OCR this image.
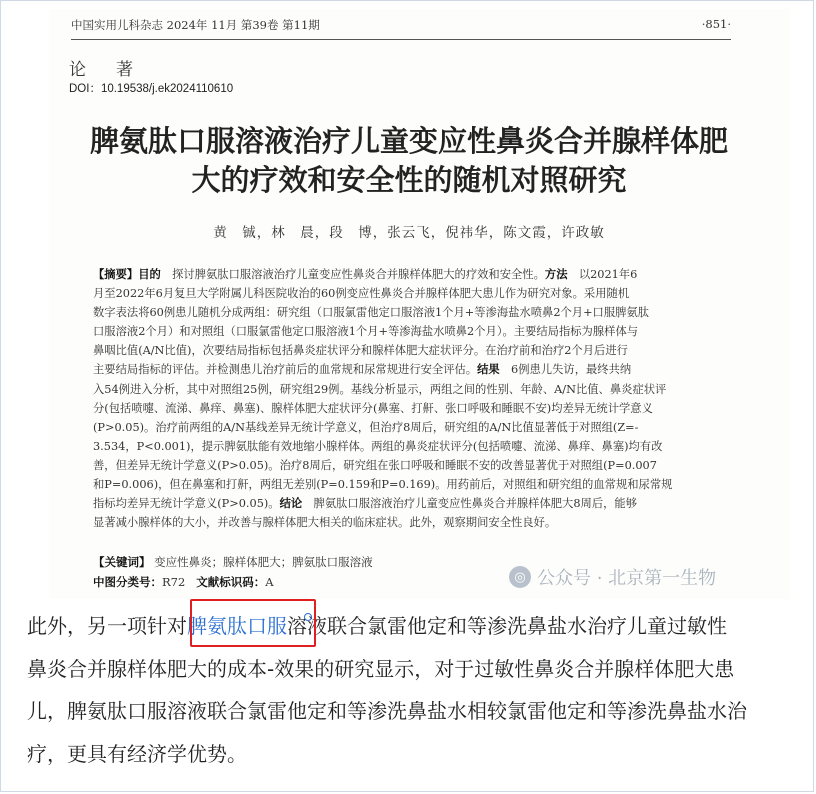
中国实用儿科杂志 2024年 11月 第39卷 第11期	·851·
论著
DOI：10.19538/j.ek2024110610
脾氨肽口服溶液治疗儿童变应性鼻炎合并腺样体肥
大的疗效和安全性的随机对照研究
黄　铖，林　晨，段　博，张云飞，倪祎华，陈文霞，许政敏
【摘要】目的　探讨脾氨肽口服溶液治疗儿童变应性鼻炎合并腺样体肥大的疗效和安全性。方法　以2021年6
月至2022年6月复旦大学附属儿科医院收治的60例变应性鼻炎合并腺样体肥大患儿作为研究对象。采用随机
数字表法将60例患儿随机分成两组：研究组（口服氯雷他定口服溶液1个月+等渗海盐水喷鼻2个月+口服脾氨肽
口服溶液2个月）和对照组（口服氯雷他定口服溶液1个月+等渗海盐水喷鼻2个月）。主要结局指标为腺样体与
鼻咽比值(A/N比值)，次要结局指标包括鼻炎症状评分和腺样体肥大症状评分。在治疗前和治疗2个月后进行
主要结局指标的评估。并检测患儿治疗前后的血常规和尿常规进行安全评估。结果　6例患儿失访，最终共纳
入54例进入分析，其中对照组25例，研究组29例。基线分析显示，两组之间的性别、年龄、A/N比值、鼻炎症状评
分(包括喷嚏、流涕、鼻痒、鼻塞)、腺样体肥大症状评分(鼻塞、打鼾、张口呼吸和睡眠不安)均差异无统计学意义
(P>0.05)。治疗前两组的A/N基线差异无统计学意义，但治疗8周后，研究组的A/N比值显著低于对照组(Z=-
3.534，P<0.001)，提示脾氨肽能有效地缩小腺样体。两组的鼻炎症状评分(包括喷嚏、流涕、鼻痒、鼻塞)均有改
善，但差异无统计学意义(P>0.05)。治疗8周后，研究组在张口呼吸和睡眠不安的改善显著优于对照组(P=0.007
和P=0.006)，但在鼻塞和打鼾，两组无差别(P=0.159和P=0.169)。用药前后，对照组和研究组的血常规和尿常规
指标均差异无统计学意义(P>0.05)。结论　脾氨肽口服溶液治疗儿童变应性鼻炎合并腺样体肥大8周后，能够
显著减小腺样体的大小，并改善与腺样体肥大相关的临床症状。此外，观察期间安全性良好。
【关键词】 变应性鼻炎；腺样体肥大；脾氨肽口服溶液
中图分类号：R72 文献标识码：A	◎ 公众号 · 北京第一生物
此外，另一项针对脾氨肽口服溶液联合氯雷他定和等渗洗鼻盐水治疗儿童过敏性
鼻炎合并腺样体肥大的成本-效果的研究显示，对于过敏性鼻炎合并腺样体肥大患
儿，脾氨肽口服溶液联合氯雷他定和等渗洗鼻盐水相较氯雷他定和等渗洗鼻盐水治
疗，更具有经济学优势。
